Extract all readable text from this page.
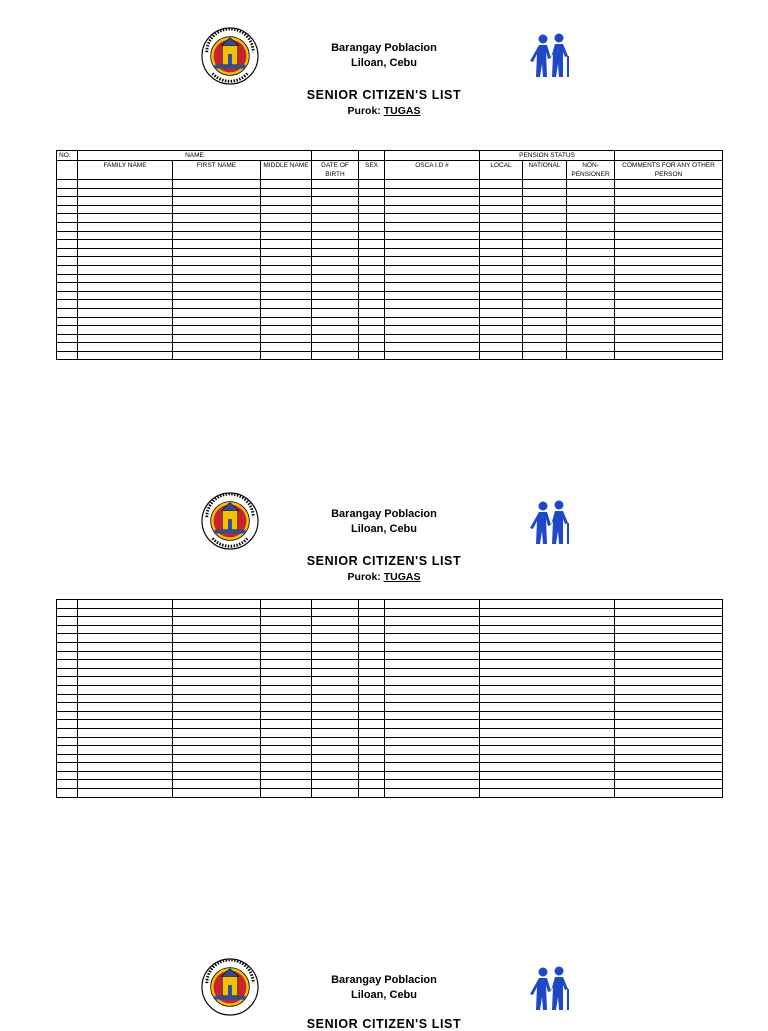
Barangay Poblacion
Liloan, Cebu
SENIOR CITIZEN'S LIST
Purok: TUGAS
NO.	NAME						PENSION STATUS			
	FAMILY NAME	FIRST NAME	MIDDLE NAME	DATE OF BIRTH	SEX	OSCA I.D #	LOCAL	NATIONAL	NON-PENSIONER	COMMENTS FOR ANY OTHER PERSON

Barangay Poblacion
Liloan, Cebu
SENIOR CITIZEN'S LIST
Purok: TUGAS

Barangay Poblacion
Liloan, Cebu
SENIOR CITIZEN'S LIST
